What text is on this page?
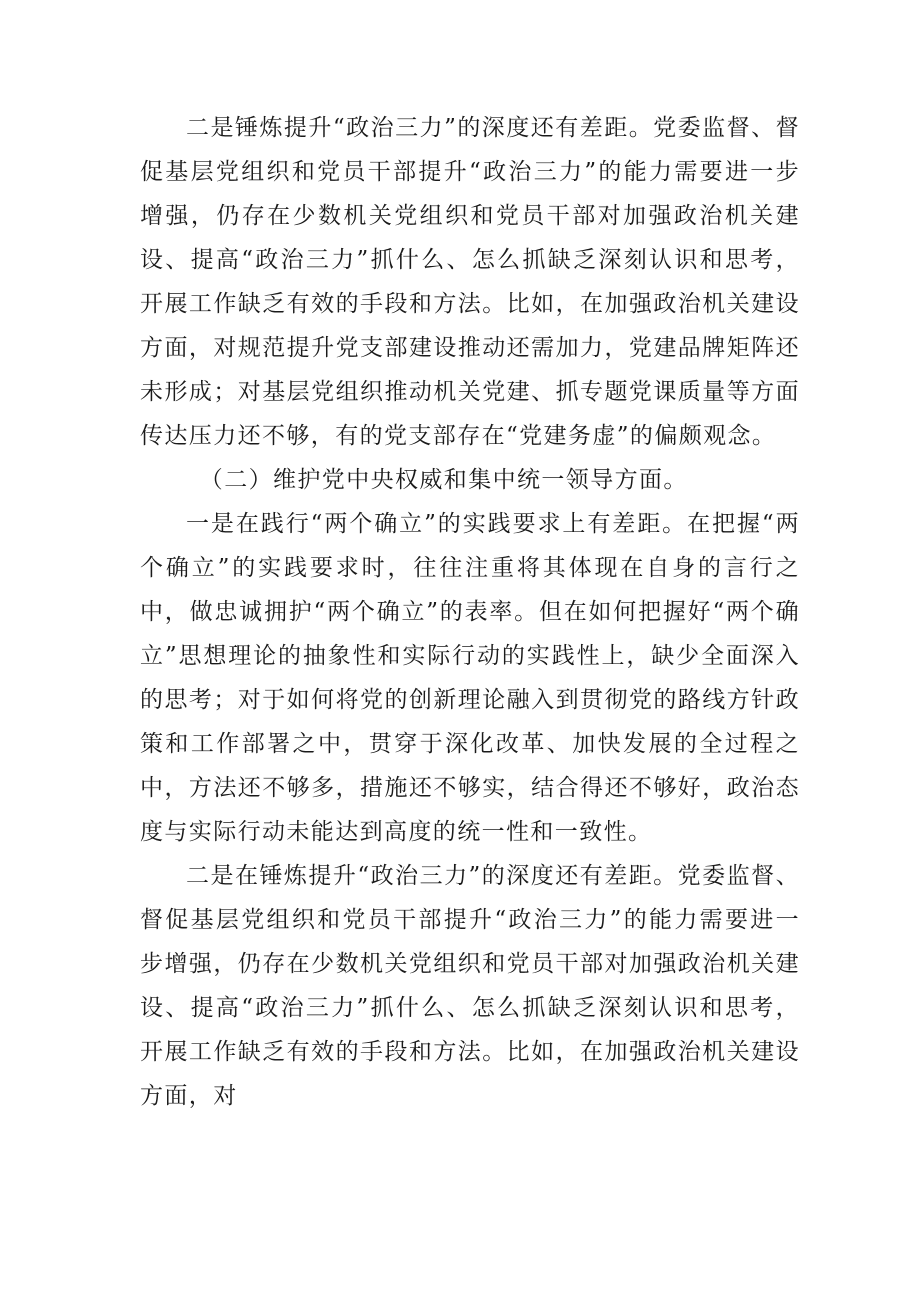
二是锤炼提升“政治三力”的深度还有差距。党委监督、督促基层党组织和党员干部提升“政治三力”的能力需要进一步增强，仍存在少数机关党组织和党员干部对加强政治机关建设、提高“政治三力”抓什么、怎么抓缺乏深刻认识和思考，开展工作缺乏有效的手段和方法。比如，在加强政治机关建设方面，对规范提升党支部建设推动还需加力，党建品牌矩阵还未形成；对基层党组织推动机关党建、抓专题党课质量等方面传达压力还不够，有的党支部存在“党建务虚”的偏颇观念。

（二）维护党中央权威和集中统一领导方面。

一是在践行“两个确立”的实践要求上有差距。在把握“两个确立”的实践要求时，往往注重将其体现在自身的言行之中，做忠诚拥护“两个确立”的表率。但在如何把握好“两个确立”思想理论的抽象性和实际行动的实践性上，缺少全面深入的思考；对于如何将党的创新理论融入到贯彻党的路线方针政策和工作部署之中，贯穿于深化改革、加快发展的全过程之中，方法还不够多，措施还不够实，结合得还不够好，政治态度与实际行动未能达到高度的统一性和一致性。

二是在锤炼提升“政治三力”的深度还有差距。党委监督、督促基层党组织和党员干部提升“政治三力”的能力需要进一步增强，仍存在少数机关党组织和党员干部对加强政治机关建设、提高“政治三力”抓什么、怎么抓缺乏深刻认识和思考，开展工作缺乏有效的手段和方法。比如，在加强政治机关建设方面，对
